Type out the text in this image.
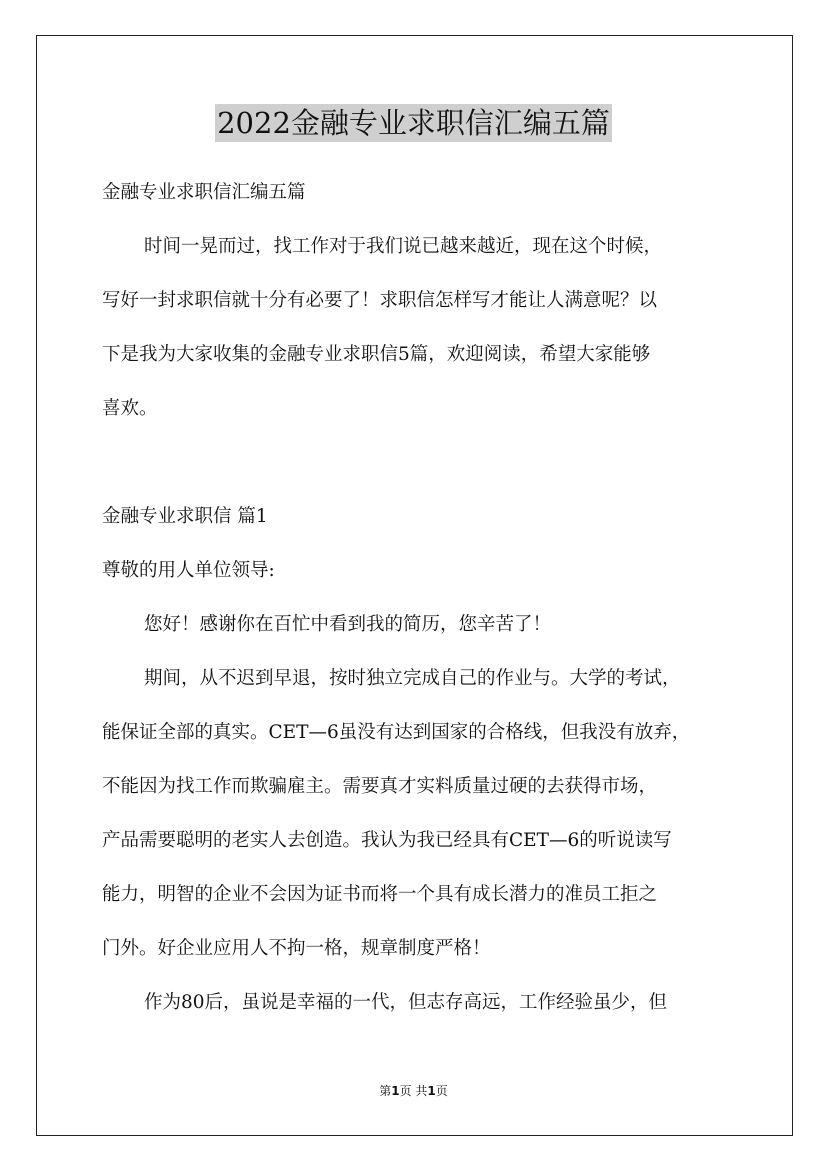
2022金融专业求职信汇编五篇
金融专业求职信汇编五篇
时间一晃而过，找工作对于我们说已越来越近，现在这个时候，
写好一封求职信就十分有必要了！求职信怎样写才能让人满意呢？以
下是我为大家收集的金融专业求职信5篇，欢迎阅读，希望大家能够
喜欢。
金融专业求职信 篇1
尊敬的用人单位领导:
您好！感谢你在百忙中看到我的简历，您辛苦了！
期间，从不迟到早退，按时独立完成自己的作业与。大学的考试，
能保证全部的真实。CET—6虽没有达到国家的合格线，但我没有放弃，
不能因为找工作而欺骗雇主。需要真才实料质量过硬的去获得市场，
产品需要聪明的老实人去创造。我认为我已经具有CET—6的听说读写
能力，明智的企业不会因为证书而将一个具有成长潜力的准员工拒之
门外。好企业应用人不拘一格，规章制度严格！
作为80后，虽说是幸福的一代，但志存高远，工作经验虽少，但
第1页 共1页
